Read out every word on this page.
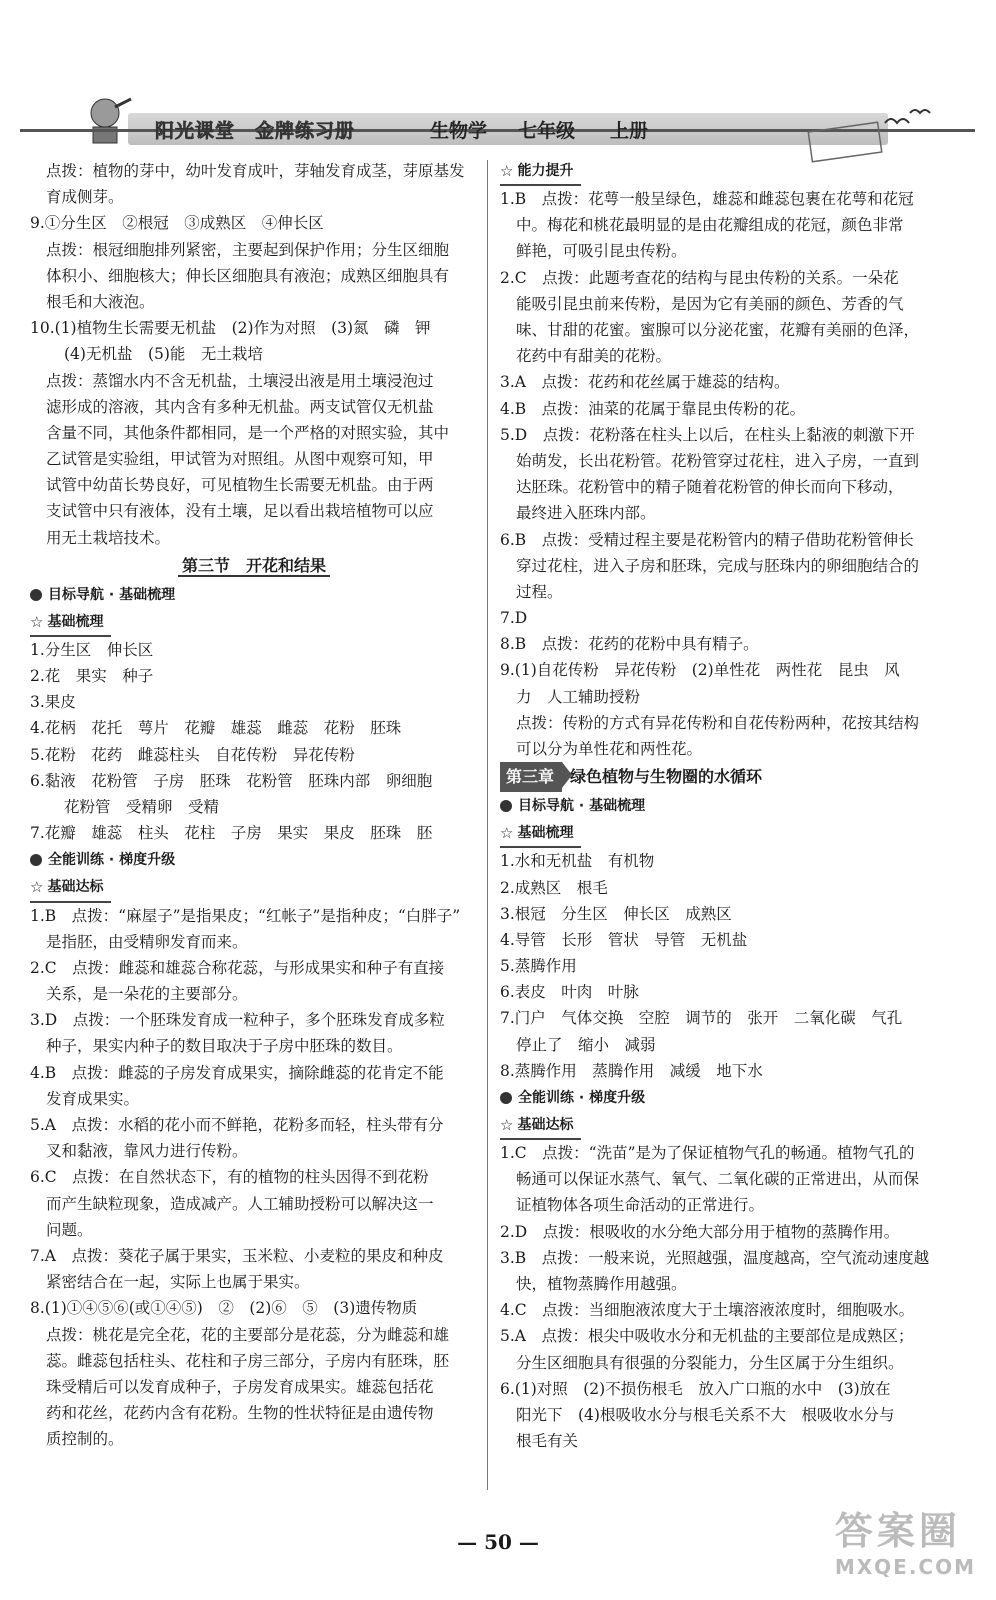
阳光课堂　金牌练习册	生物学 七年级 上册
点拨：植物的芽中，幼叶发育成叶，芽轴发育成茎，芽原基发
育成侧芽。
9.①分生区　②根冠　③成熟区　④伸长区
点拨：根冠细胞排列紧密，主要起到保护作用；分生区细胞
体积小、细胞核大；伸长区细胞具有液泡；成熟区细胞具有
根毛和大液泡。
10.(1)植物生长需要无机盐　(2)作为对照　(3)氮　磷　钾
(4)无机盐　(5)能　无土栽培
点拨：蒸馏水内不含无机盐，土壤浸出液是用土壤浸泡过
滤形成的溶液，其内含有多种无机盐。两支试管仅无机盐
含量不同，其他条件都相同，是一个严格的对照实验，其中
乙试管是实验组，甲试管为对照组。从图中观察可知，甲
试管中幼苗长势良好，可见植物生长需要无机盐。由于两
支试管中只有液体，没有土壤，足以看出栽培植物可以应
用无土栽培技术。
第三节　开花和结果
目标导航 · 基础梳理
☆ 基础梳理
1.分生区　伸长区
2.花　果实　种子
3.果皮
4.花柄　花托　萼片　花瓣　雄蕊　雌蕊　花粉　胚珠
5.花粉　花药　雌蕊柱头　自花传粉　异花传粉
6.黏液　花粉管　子房　胚珠　花粉管　胚珠内部　卵细胞
花粉管　受精卵　受精
7.花瓣　雄蕊　柱头　花柱　子房　果实　果皮　胚珠　胚
全能训练 · 梯度升级
☆ 基础达标
1.B　点拨：“麻屋子”是指果皮；“红帐子”是指种皮；“白胖子”
是指胚，由受精卵发育而来。
2.C　点拨：雌蕊和雄蕊合称花蕊，与形成果实和种子有直接
关系，是一朵花的主要部分。
3.D　点拨：一个胚珠发育成一粒种子，多个胚珠发育成多粒
种子，果实内种子的数目取决于子房中胚珠的数目。
4.B　点拨：雌蕊的子房发育成果实，摘除雌蕊的花肯定不能
发育成果实。
5.A　点拨：水稻的花小而不鲜艳，花粉多而轻，柱头带有分
叉和黏液，靠风力进行传粉。
6.C　点拨：在自然状态下，有的植物的柱头因得不到花粉
而产生缺粒现象，造成减产。人工辅助授粉可以解决这一
问题。
7.A　点拨：葵花子属于果实，玉米粒、小麦粒的果皮和种皮
紧密结合在一起，实际上也属于果实。
8.(1)①④⑤⑥(或①④⑤)　②　(2)⑥　⑤　(3)遗传物质
点拨：桃花是完全花，花的主要部分是花蕊，分为雌蕊和雄
蕊。雌蕊包括柱头、花柱和子房三部分，子房内有胚珠，胚
珠受精后可以发育成种子，子房发育成果实。雄蕊包括花
药和花丝，花药内含有花粉。生物的性状特征是由遗传物
质控制的。
☆ 能力提升
1.B　点拨：花萼一般呈绿色，雄蕊和雌蕊包裹在花萼和花冠
中。梅花和桃花最明显的是由花瓣组成的花冠，颜色非常
鲜艳，可吸引昆虫传粉。
2.C　点拨：此题考查花的结构与昆虫传粉的关系。一朵花
能吸引昆虫前来传粉，是因为它有美丽的颜色、芳香的气
味、甘甜的花蜜。蜜腺可以分泌花蜜，花瓣有美丽的色泽，
花药中有甜美的花粉。
3.A　点拨：花药和花丝属于雄蕊的结构。
4.B　点拨：油菜的花属于靠昆虫传粉的花。
5.D　点拨：花粉落在柱头上以后，在柱头上黏液的刺激下开
始萌发，长出花粉管。花粉管穿过花柱，进入子房，一直到
达胚珠。花粉管中的精子随着花粉管的伸长而向下移动，
最终进入胚珠内部。
6.B　点拨：受精过程主要是花粉管内的精子借助花粉管伸长
穿过花柱，进入子房和胚珠，完成与胚珠内的卵细胞结合的
过程。
7.D
8.B　点拨：花药的花粉中具有精子。
9.(1)自花传粉　异花传粉　(2)单性花　两性花　昆虫　风
力　人工辅助授粉
点拨：传粉的方式有异花传粉和自花传粉两种，花按其结构
可以分为单性花和两性花。
第三章	绿色植物与生物圈的水循环
目标导航 · 基础梳理
☆ 基础梳理
1.水和无机盐　有机物
2.成熟区　根毛
3.根冠　分生区　伸长区　成熟区
4.导管　长形　管状　导管　无机盐
5.蒸腾作用
6.表皮　叶肉　叶脉
7.门户　气体交换　空腔　调节的　张开　二氧化碳　气孔
停止了　缩小　减弱
8.蒸腾作用　蒸腾作用　减缓　地下水
全能训练 · 梯度升级
☆ 基础达标
1.C　点拨：“洗苗”是为了保证植物气孔的畅通。植物气孔的
畅通可以保证水蒸气、氧气、二氧化碳的正常进出，从而保
证植物体各项生命活动的正常进行。
2.D　点拨：根吸收的水分绝大部分用于植物的蒸腾作用。
3.B　点拨：一般来说，光照越强，温度越高，空气流动速度越
快，植物蒸腾作用越强。
4.C　点拨：当细胞液浓度大于土壤溶液浓度时，细胞吸水。
5.A　点拨：根尖中吸收水分和无机盐的主要部位是成熟区；
分生区细胞具有很强的分裂能力，分生区属于分生组织。
6.(1)对照　(2)不损伤根毛　放入广口瓶的水中　(3)放在
阳光下　(4)根吸收水分与根毛关系不大　根吸收水分与
根毛有关
— 50 —	答案圈
MXQE.COM
